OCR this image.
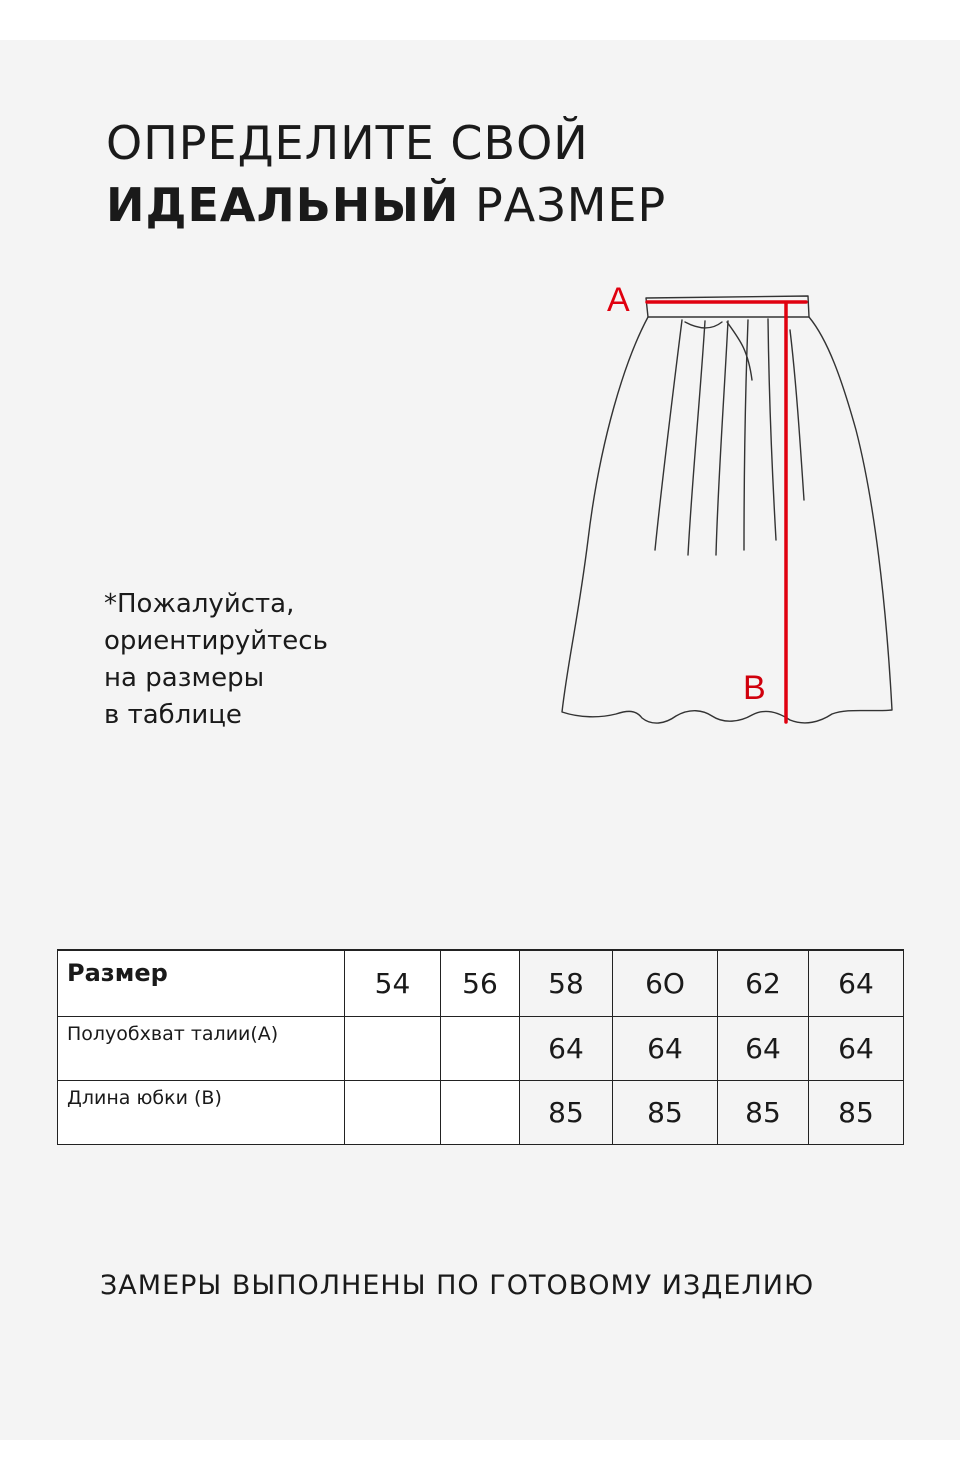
ОПРЕДЕЛИТЕ СВОЙ
ИДЕАЛЬНЫЙ РАЗМЕР

*Пожалуйста,
ориентируйтесь
на размеры
в таблице

A
B
Размер	54	56	58	6O	62	64
Полуобхват талии(А)			64	64	64	64
Длина юбки (В)			85	85	85	85

ЗАМЕРЫ ВЫПОЛНЕНЫ ПО ГОТОВОМУ ИЗДЕЛИЮ
